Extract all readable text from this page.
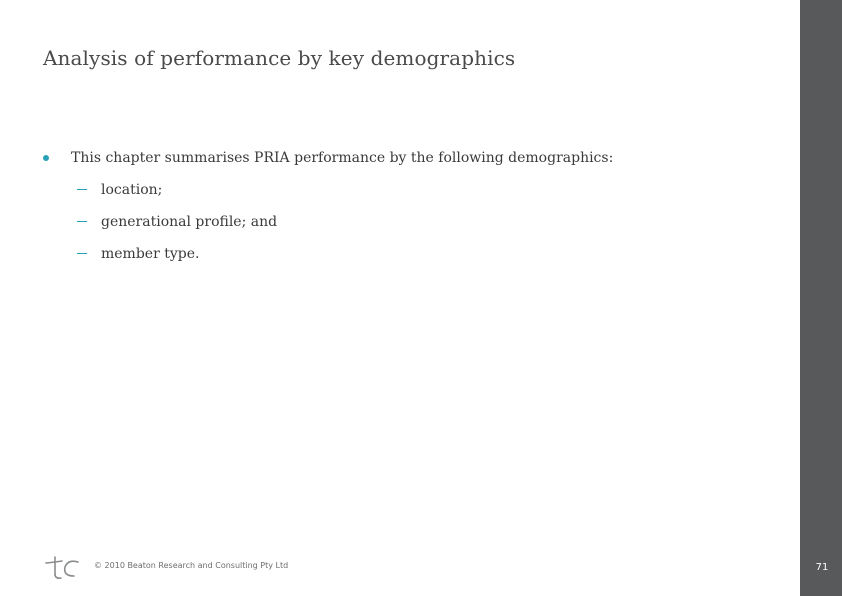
Analysis of performance by key demographics
This chapter summarises PRIA performance by the following demographics:
location;
generational profile; and
member type.
© 2010 Beaton Research and Consulting Pty Ltd	71
